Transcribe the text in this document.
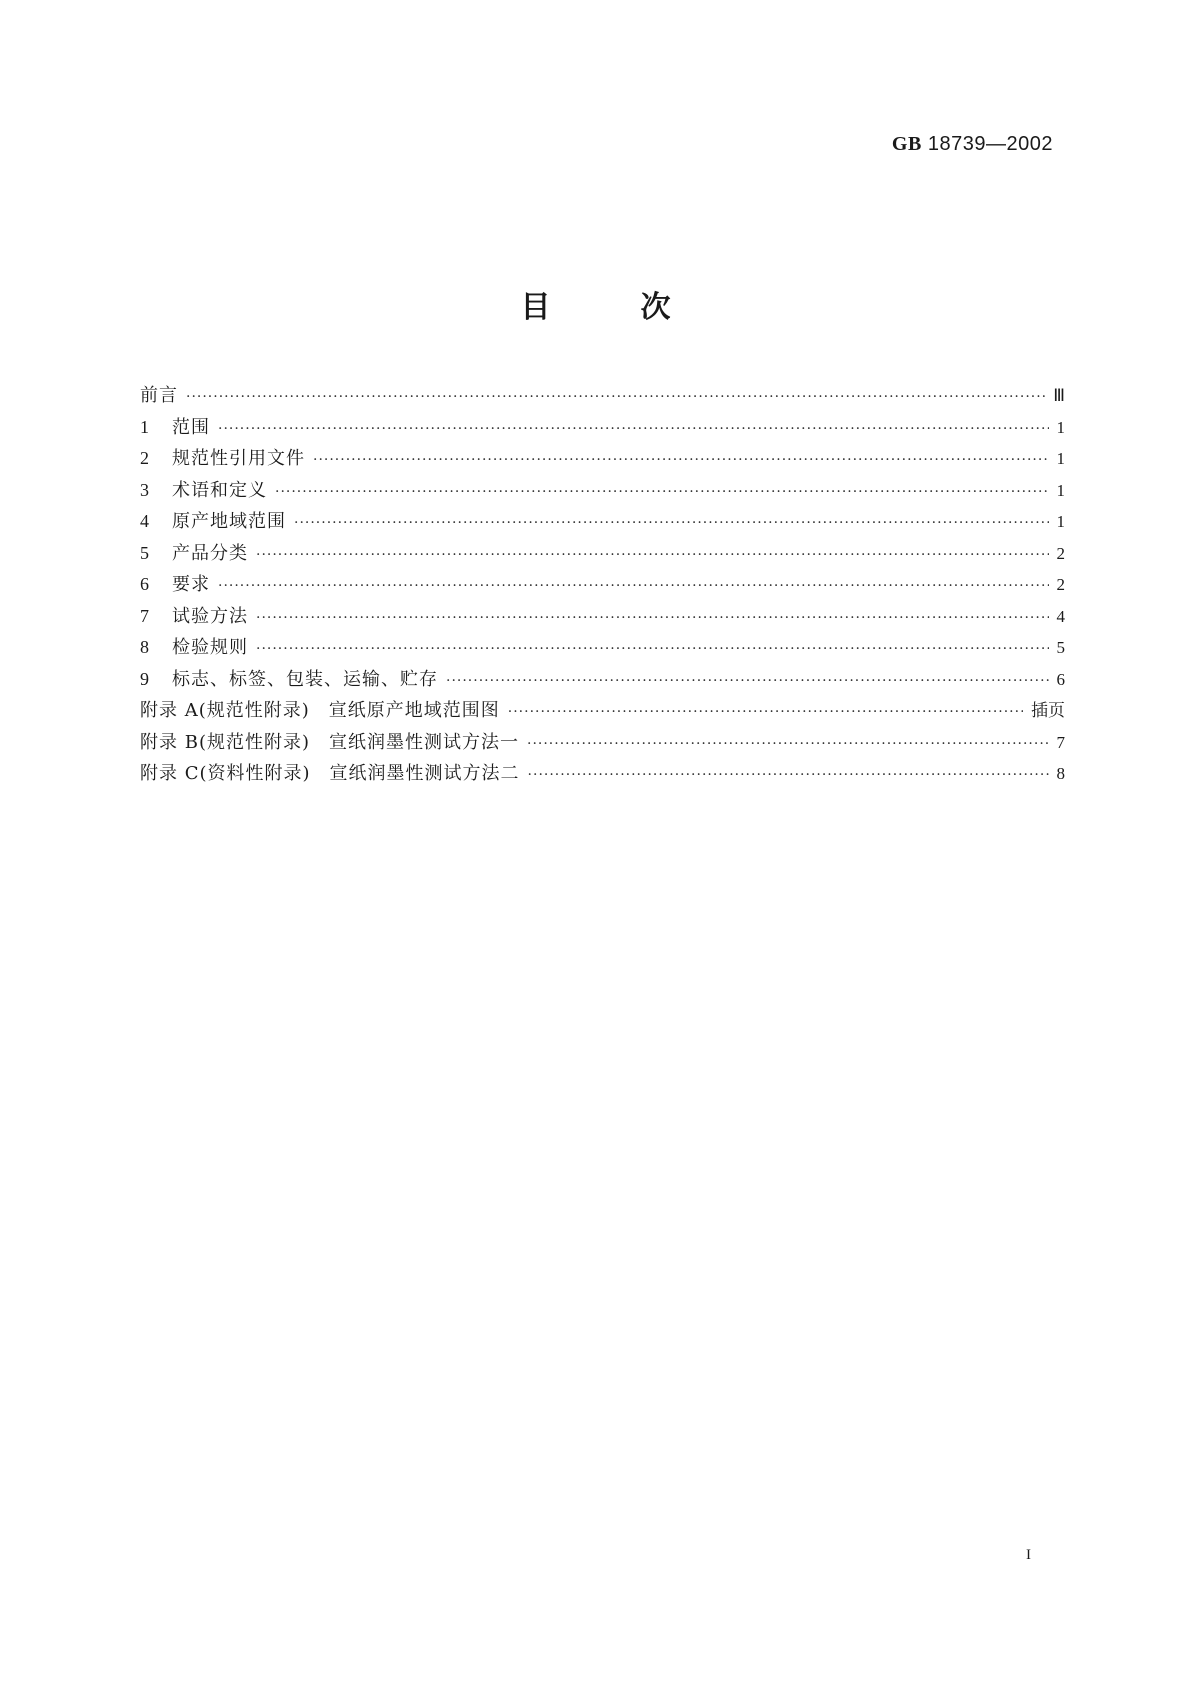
GB 18739—2002
目次
前言 ·····	Ⅲ
1	范围 ·····	1
2	规范性引用文件 ·····	1
3	术语和定义 ·····	1
4	原产地域范围 ·····	1
5	产品分类 ·····	2
6	要求 ·····	2
7	试验方法 ·····	4
8	检验规则 ·····	5
9	标志、标签、包装、运输、贮存 ·····	6
附录 A(规范性附录)　宣纸原产地域范围图 ·····	插页
附录 B(规范性附录)　宣纸润墨性测试方法一 ·····	7
附录 C(资料性附录)　宣纸润墨性测试方法二 ·····	8
I
